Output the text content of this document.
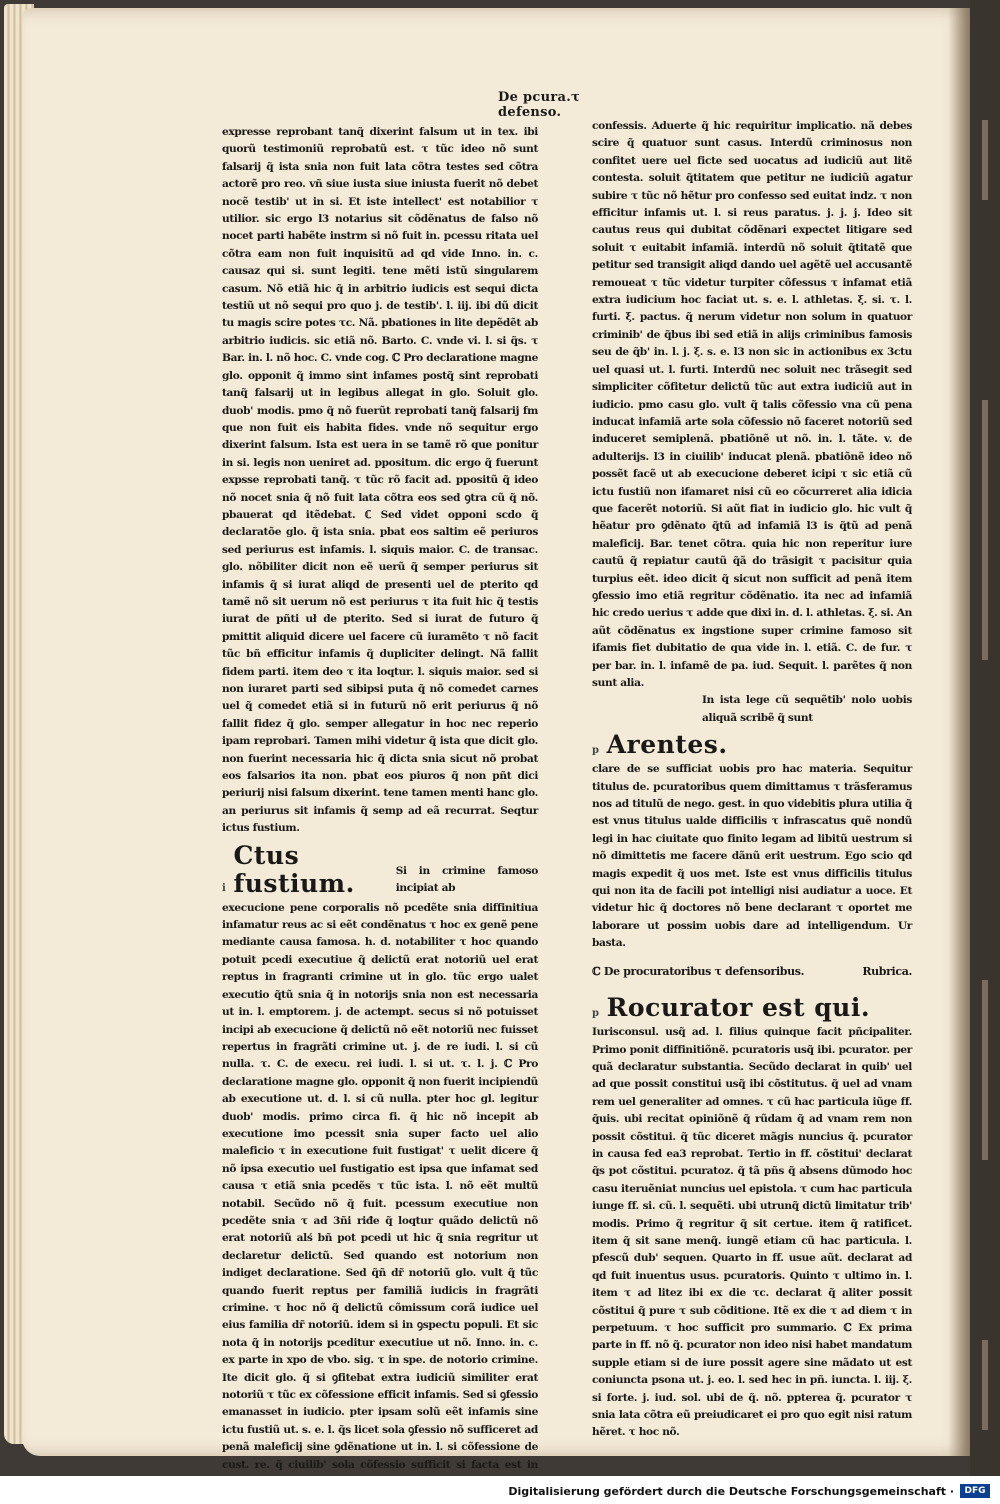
De pcura.τ defenso.

expresse reprobant tanq̃ dixerint falsum ut in tex. ibi quorũ testimoniũ reprobatũ est. τ tũc ideo nõ sunt falsarij q̃ ista snia non fuit lata cõtra testes sed cõtra actorẽ pro reo. vñ siue iusta siue iniusta fuerit nõ debet nocẽ testib' ut in si. Et iste intellect' est notabilior τ utilior. sic ergo l3 notarius sit cõdẽnatus de falso nõ nocet parti habẽte instrm si nõ fuit in. pcessu ritata uel cõtra eam non fuit inquisitũ ad qd vide Inno. in. c. causaz qui si. sunt legiti. tene mẽti istũ singularem casum. Nõ etiã hic q̃ in arbitrio iudicis est sequi dicta testiũ ut nõ sequi pro quo j. de testib'. l. iij. ibi dũ dicit tu magis scire potes τc. Nã. pbationes in lite depẽdẽt ab arbitrio iudicis. sic etiã nõ. Barto. C. vnde vi. l. si q̃s. τ Bar. in. l. nõ hoc. C. vnde cog. ℂ Pro declaratione magne glo. opponit q̃ immo sint infames postq̃ sint reprobati tanq̃ falsarij ut in legibus allegat in glo. Soluit glo. duob' modis. pmo q̃ nõ fuerũt reprobati tanq̃ falsarij fm que non fuit eis habita fides. vnde nõ sequitur ergo dixerint falsum. Ista est uera in se tamẽ rõ que ponitur in si. legis non ueniret ad. ppositum. dic ergo q̃ fuerunt expsse reprobati tanq̃. τ tũc rõ facit ad. ppositũ q̃ ideo nõ nocet snia q̃ nõ fuit lata cõtra eos sed ꝯtra cũ q̃ nõ. pbauerat qd itẽdebat. ℂ Sed videt opponi scdo q̃ declaratõe glo. q̃ ista snia. pbat eos saltim eẽ periuros sed periurus est infamis. l. siquis maior. C. de transac. glo. nõbiliter dicit non eẽ uerũ q̃ semper periurus sit infamis q̃ si iurat aliqd de presenti uel de pterito qd tamẽ nõ sit uerum nõ est periurus τ ita fuit hic q̃ testis iurat de pñti uł de pterito. Sed si iurat de futuro q̃ pmittit aliquid dicere uel facere cũ iuramẽto τ nõ facit tũc bñ efficitur infamis q̃ dupliciter delingt. Nã fallit fidem parti. item deo τ ita loqtur. l. siquis maior. sed si non iuraret parti sed sibipsi puta q̃ nõ comedet carnes uel q̃ comedet etiã si in futurũ nõ erit periurus q̃ nõ fallit fidez q̃ glo. semper allegatur in hoc nec reperio ipam reprobari. Tamen mihi videtur q̃ ista que dicit glo. non fuerint necessaria hic q̃ dicta snia sicut nõ probat eos falsarios ita non. pbat eos piuros q̃ non pñt dici periurij nisi falsum dixerint. tene tamen menti hanc glo. an periurus sit infamis q̃ semp ad eã recurrat. Seqtur ictus fustium.

i
Ctus fustium.	Si in crimine famoso incipiat ab

execucione pene corporalis nõ pcedẽte snia diffinitiua infamatur reus ac si eẽt condẽnatus τ hoc ex genẽ pene mediante causa famosa. h. d. notabiliter τ hoc quando potuit pcedi executiue q̃ delictũ erat notoriũ uel erat reptus in fragranti crimine ut in glo. tũc ergo ualet executio q̃tũ snia q̃ in notorijs snia non est necessaria ut in. l. emptorem. j. de actempt. secus si nõ potuisset incipi ab execucione q̃ delictũ nõ eẽt notoriũ nec fuisset repertus in fragrãti crimine ut. j. de re iudi. l. si cũ nulla. τ. C. de execu. rei iudi. l. si ut. τ. l. j. ℂ Pro declaratione magne glo. opponit q̃ non fuerit incipiendũ ab executione ut. d. l. si cũ nulla. pter hoc gl. legitur duob' modis. primo circa fi. q̃ hic nõ incepit ab executione imo pcessit snia super facto uel alio maleficio τ in executione fuit fustigat' τ uelit dicere q̃ nõ ipsa executio uel fustigatio est ipsa que infamat sed causa τ etiã snia pcedẽs τ tũc ista. l. nõ eẽt multũ notabil. Secũdo nõ q̃ fuit. pcessum executiue non pcedẽte snia τ ad 3ñi riđe q̃ loqtur quãdo delictũ nõ erat notoriũ alś bñ pot pcedi ut hic q̃ snia regritur ut declaretur delictũ. Sed quando est notorium non indiget declaratione. Sed q̃ñ dr̃ notoriũ glo. vult q̃ tũc quando fuerit reptus per familiã iudicis in fragrãti crimine. τ hoc nõ q̃ delictũ cõmissum corã iudice uel eius familia dr̃ notoriũ. idem si in ꝯspectu populi. Et sic nota q̃ in notorijs pceditur executiue ut nõ. Inno. in. c. ex parte in xpo de vbo. sig. τ in spe. de notorio crimine. Ite dicit glo. q̃ si ꝯfitebat extra iudiciũ similiter erat notoriũ τ tũc ex cõfessione efficit infamis. Sed si ꝯfessio emanasset in iudicio. pter ipsam solũ eẽt infamis sine ictu fustiũ ut. s. e. l. q̃s licet sola ꝯfessio nõ sufficeret ad penã maleficij sine ꝯdẽnatione ut in. l. si cõfessione de cust. re. q̃ ciuilib' sola cõfessio sufficit si facta est in

confessis. Aduerte q̃ hic requiritur implicatio. nã debes scire q̃ quatuor sunt casus. Interdũ criminosus non confitet uere uel ficte sed uocatus ad iudiciũ aut litẽ contesta. soluit q̃titatem que petitur ne iudiciũ agatur subire τ tũc nõ hẽtur pro confesso sed euitat indz. τ non efficitur infamis ut. l. si reus paratus. j. j. j. Ideo sit cautus reus qui dubitat cõdẽnari expectet litigare sed soluit τ euitabit infamiã. interdũ nõ soluit q̃titatẽ que petitur sed transigit aliqd dando uel agẽtẽ uel accusantẽ remoueat τ tũc videtur turpiter cõfessus τ infamat etiã extra iudicium hoc faciat ut. s. e. l. athletas. ξ. si. τ. l. furti. ξ. pactus. q̃ nerum videtur non solum in quatuor criminib' de q̃bus ibi sed etiã in alijs criminibus famosis seu de q̃b' in. l. j. ξ. s. e. l3 non sic in actionibus ex 3ctu uel quasi ut. l. furti. Interdũ nec soluit nec trãsegit sed simpliciter cõfitetur delictũ tũc aut extra iudiciũ aut in iudicio. pmo casu glo. vult q̃ talis cõfessio vna cũ pena inducat infamiã arte sola cõfessio nõ faceret notoriũ sed induceret semiplenã. pbatiõnẽ ut nõ. in. l. tãte. v. de adulterijs. l3 in ciuilib' inducat plenã. pbatiõnẽ ideo nõ possẽt facẽ ut ab execucione deberet icipi τ sic etiã cũ ictu fustiũ non ifamaret nisi cũ eo cõcurreret alia idicia que facerẽt notoriũ. Si aũt fiat in iudicio glo. hic vult q̃ hẽatur pro ꝯdẽnato q̃tũ ad infamiã l3 is q̃tũ ad penã maleficij. Bar. tenet cõtra. quia hic non reperitur iure cautũ q̃ repiatur cautũ q̃ã do trãsigit τ pacisitur quia turpius eẽt. ideo dicit q̃ sicut non sufficit ad penã item ꝯfessio imo etiã regritur cõdẽnatio. ita nec ad infamiã hic credo uerius τ adde que dixi in. d. l. athletas. ξ. si. An aũt cõdẽnatus ex ingstione super crimine famoso sit ifamis fiet dubitatio de qua vide in. l. etiã. C. de fur. τ per bar. in. l. infamẽ de pa. iud. Sequit. l. parẽtes q̃ non sunt alia.

In ista lege cũ sequẽtib' nolo uobis aliquã scribẽ q̃ sunt

p Arentes.

clare de se sufficiat uobis pro hac materia. Sequitur titulus de. pcuratoribus quem dimittamus τ trãsferamus nos ad titulũ de nego. gest. in quo videbitis plura utilia q̃ est vnus titulus ualde difficilis τ infrascatus quẽ nondũ legi in hac ciuitate quo finito legam ad libitũ uestrum si nõ dimittetis me facere dãnũ erit uestrum. Ego scio qd magis expedit q̃ uos met. Iste est vnus difficilis titulus qui non ita de facili pot intelligi nisi audiatur a uoce. Et videtur hic q̃ doctores nõ bene declarant τ oportet me laborare ut possim uobis dare ad intelligendum. Ur basta.

ℂ De procuratoribus τ defensoribus.	Rubrica.
p Rocurator est qui.

Iurisconsul. usq̃ ad. l. filius quinque facit pñcipaliter. Primo ponit diffinitiõnẽ. pcuratoris usq̃ ibi. pcurator. per quã declaratur substantia. Secũdo declarat in quib' uel ad que possit constitui usq̃ ibi cõstitutus. q̃ uel ad vnam rem uel generaliter ad omnes. τ cũ hac particula iũge ff. q̃uis. ubi recitat opiniõnẽ q̃ rũdam q̃ ad vnam rem non possit cõstitui. q̃ tũc diceret mãgis nuncius q̃. pcurator in causa fed ea3 reprobat. Tertio in ff. cõstitui' declarat q̃s pot cõstitui. pcuratoz. q̃ tã pñs q̃ absens dũmodo hoc casu iteruẽniat nuncius uel epistola. τ cum hac particula iunge ff. si. cũ. l. sequẽti. ubi utrunq̃ dictũ limitatur trib' modis. Primo q̃ regritur q̃ sit certue. item q̃ ratificet. item q̃ sit sane menq̃. iungẽ etiam cũ hac particula. l. pfescũ dub' sequen. Quarto in ff. usue aũt. declarat ad qd fuit inuentus usus. pcuratoris. Quinto τ ultimo in. l. item τ ad litez ibi ex die τc. declarat q̃ aliter possit cõstitui q̃ pure τ sub cõditione. Itẽ ex die τ ad diem τ in perpetuum. τ hoc sufficit pro summario. ℂ Ex prima parte in ff. nõ q̃. pcurator non ideo nisi habet mandatum supple etiam si de iure possit agere sine mãdato ut est coniuncta psona ut. j. eo. l. sed hec in pñ. iuncta. l. iij. ξ. si forte. j. iud. sol. ubi de q̃. nõ. ppterea q̃. pcurator τ snia lata cõtra eũ preiudicaret ei pro quo egit nisi ratum hẽret. τ hoc nõ.

Digitalisierung gefördert durch die Deutsche Forschungsgemeinschaft ·	DFG
